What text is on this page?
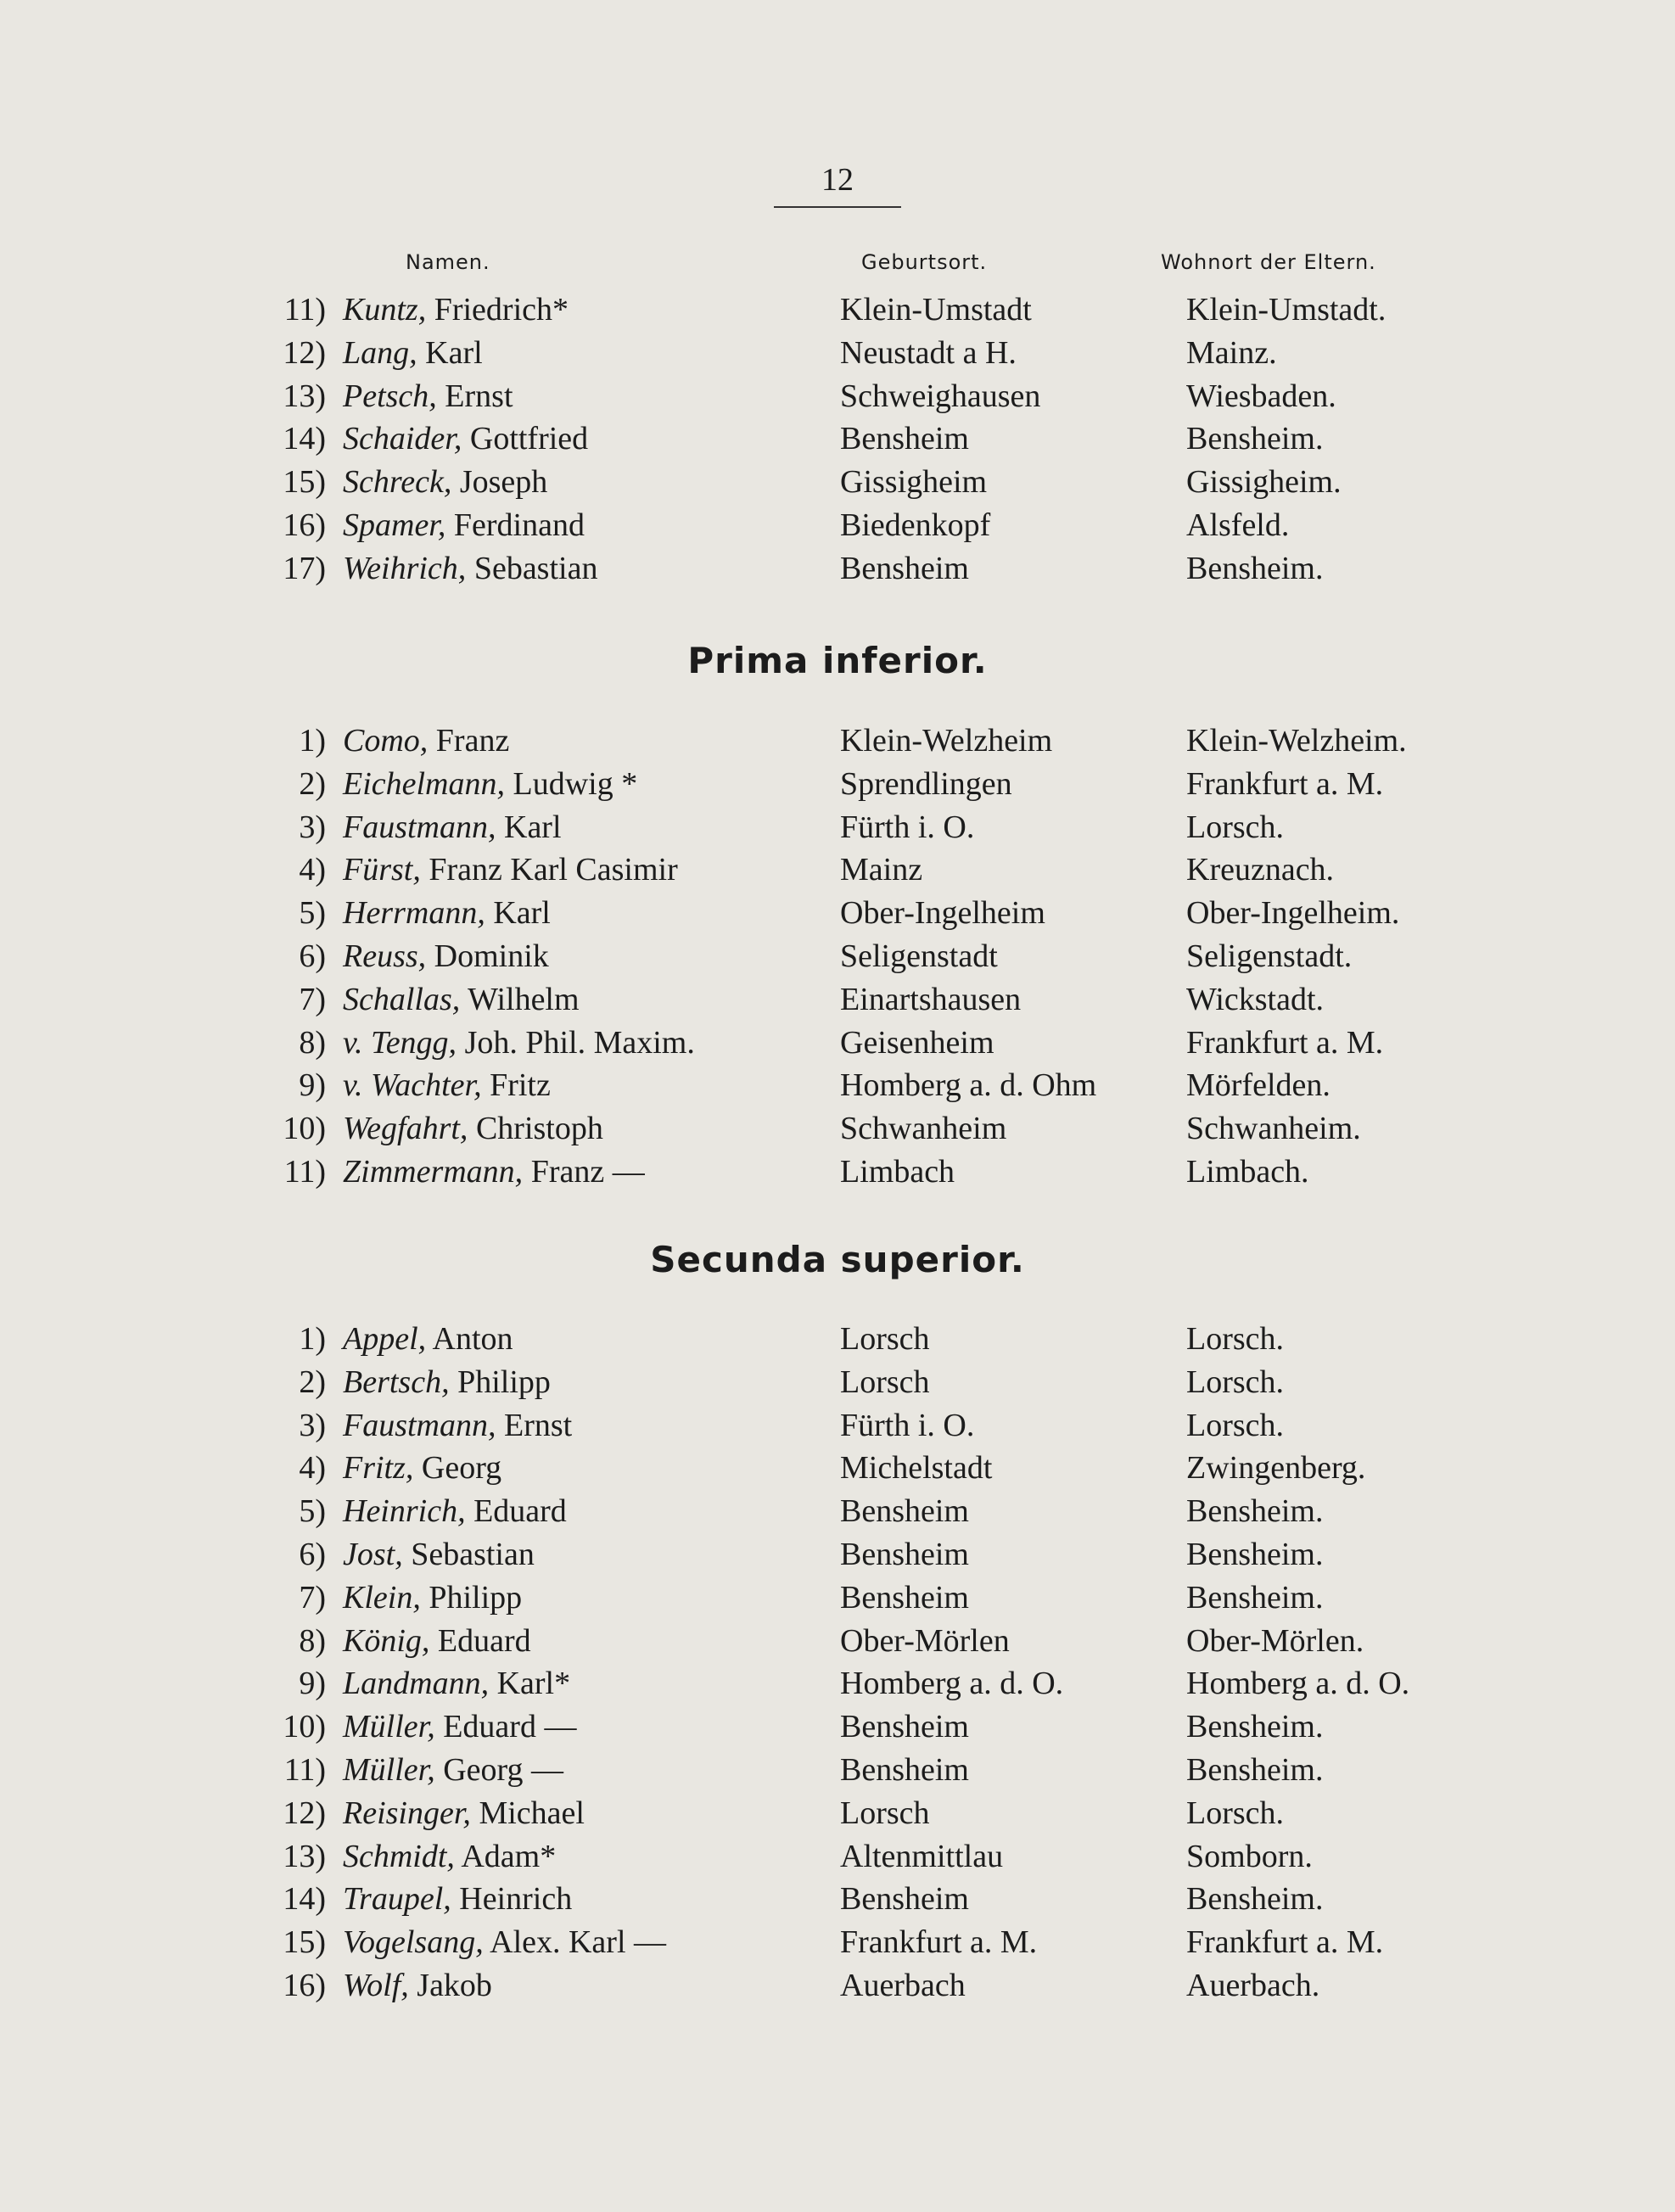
12
Namen.	Geburtsort.	Wohnort der Eltern.
11) Kuntz, Friedrich*	Klein-Umstadt	Klein-Umstadt.
12) Lang, Karl	Neustadt a H.	Mainz.
13) Petsch, Ernst	Schweighausen	Wiesbaden.
14) Schaider, Gottfried	Bensheim	Bensheim.
15) Schreck, Joseph	Gissigheim	Gissigheim.
16) Spamer, Ferdinand	Biedenkopf	Alsfeld.
17) Weihrich, Sebastian	Bensheim	Bensheim.
Prima inferior.
1) Como, Franz	Klein-Welzheim	Klein-Welzheim.
2) Eichelmann, Ludwig *	Sprendlingen	Frankfurt a. M.
3) Faustmann, Karl	Fürth i. O.	Lorsch.
4) Fürst, Franz Karl Casimir	Mainz	Kreuznach.
5) Herrmann, Karl	Ober-Ingelheim	Ober-Ingelheim.
6) Reuss, Dominik	Seligenstadt	Seligenstadt.
7) Schallas, Wilhelm	Einartshausen	Wickstadt.
8) v. Tengg, Joh. Phil. Maxim.	Geisenheim	Frankfurt a. M.
9) v. Wachter, Fritz	Homberg a. d. Ohm	Mörfelden.
10) Wegfahrt, Christoph	Schwanheim	Schwanheim.
11) Zimmermann, Franz —	Limbach	Limbach.
Secunda superior.
1) Appel, Anton	Lorsch	Lorsch.
2) Bertsch, Philipp	Lorsch	Lorsch.
3) Faustmann, Ernst	Fürth i. O.	Lorsch.
4) Fritz, Georg	Michelstadt	Zwingenberg.
5) Heinrich, Eduard	Bensheim	Bensheim.
6) Jost, Sebastian	Bensheim	Bensheim.
7) Klein, Philipp	Bensheim	Bensheim.
8) König, Eduard	Ober-Mörlen	Ober-Mörlen.
9) Landmann, Karl*	Homberg a. d. O.	Homberg a. d. O.
10) Müller, Eduard —	Bensheim	Bensheim.
11) Müller, Georg —	Bensheim	Bensheim.
12) Reisinger, Michael	Lorsch	Lorsch.
13) Schmidt, Adam*	Altenmittlau	Somborn.
14) Traupel, Heinrich	Bensheim	Bensheim.
15) Vogelsang, Alex. Karl —	Frankfurt a. M.	Frankfurt a. M.
16) Wolf, Jakob	Auerbach	Auerbach.
